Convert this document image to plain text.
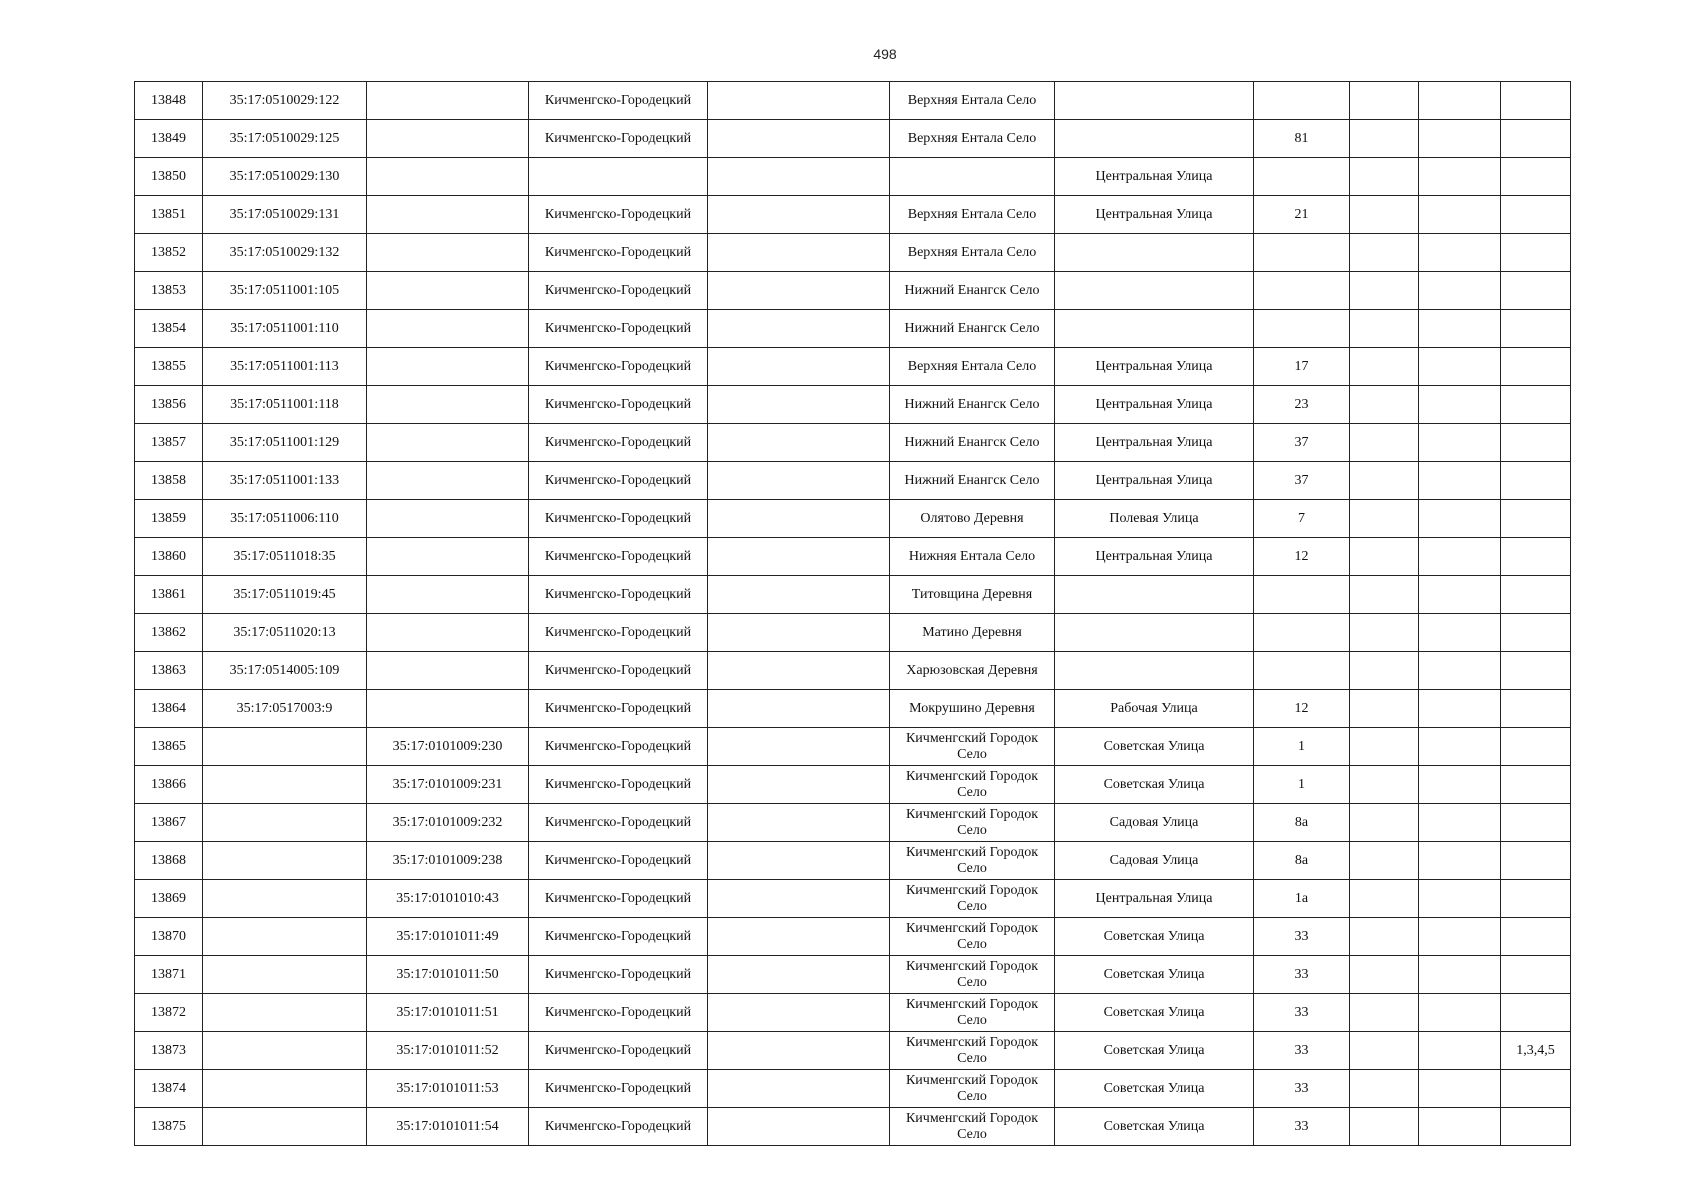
498
13848	35:17:0510029:122		Кичменгско-Городецкий		Верхняя Ентала Село					
13849	35:17:0510029:125		Кичменгско-Городецкий		Верхняя Ентала Село		81			
13850	35:17:0510029:130					Центральная Улица				
13851	35:17:0510029:131		Кичменгско-Городецкий		Верхняя Ентала Село	Центральная Улица	21			
13852	35:17:0510029:132		Кичменгско-Городецкий		Верхняя Ентала Село					
13853	35:17:0511001:105		Кичменгско-Городецкий		Нижний Енангск Село					
13854	35:17:0511001:110		Кичменгско-Городецкий		Нижний Енангск Село					
13855	35:17:0511001:113		Кичменгско-Городецкий		Верхняя Ентала Село	Центральная Улица	17			
13856	35:17:0511001:118		Кичменгско-Городецкий		Нижний Енангск Село	Центральная Улица	23			
13857	35:17:0511001:129		Кичменгско-Городецкий		Нижний Енангск Село	Центральная Улица	37			
13858	35:17:0511001:133		Кичменгско-Городецкий		Нижний Енангск Село	Центральная Улица	37			
13859	35:17:0511006:110		Кичменгско-Городецкий		Олятово Деревня	Полевая Улица	7			
13860	35:17:0511018:35		Кичменгско-Городецкий		Нижняя Ентала Село	Центральная Улица	12			
13861	35:17:0511019:45		Кичменгско-Городецкий		Титовщина Деревня					
13862	35:17:0511020:13		Кичменгско-Городецкий		Матино Деревня					
13863	35:17:0514005:109		Кичменгско-Городецкий		Харюзовская Деревня					
13864	35:17:0517003:9		Кичменгско-Городецкий		Мокрушино Деревня	Рабочая Улица	12			
13865		35:17:0101009:230	Кичменгско-Городецкий		Кичменгский Городок Село	Советская Улица	1			
13866		35:17:0101009:231	Кичменгско-Городецкий		Кичменгский Городок Село	Советская Улица	1			
13867		35:17:0101009:232	Кичменгско-Городецкий		Кичменгский Городок Село	Садовая Улица	8а			
13868		35:17:0101009:238	Кичменгско-Городецкий		Кичменгский Городок Село	Садовая Улица	8а			
13869		35:17:0101010:43	Кичменгско-Городецкий		Кичменгский Городок Село	Центральная Улица	1а			
13870		35:17:0101011:49	Кичменгско-Городецкий		Кичменгский Городок Село	Советская Улица	33			
13871		35:17:0101011:50	Кичменгско-Городецкий		Кичменгский Городок Село	Советская Улица	33			
13872		35:17:0101011:51	Кичменгско-Городецкий		Кичменгский Городок Село	Советская Улица	33			
13873		35:17:0101011:52	Кичменгско-Городецкий		Кичменгский Городок Село	Советская Улица	33			1,3,4,5
13874		35:17:0101011:53	Кичменгско-Городецкий		Кичменгский Городок Село	Советская Улица	33			
13875		35:17:0101011:54	Кичменгско-Городецкий		Кичменгский Городок Село	Советская Улица	33			
